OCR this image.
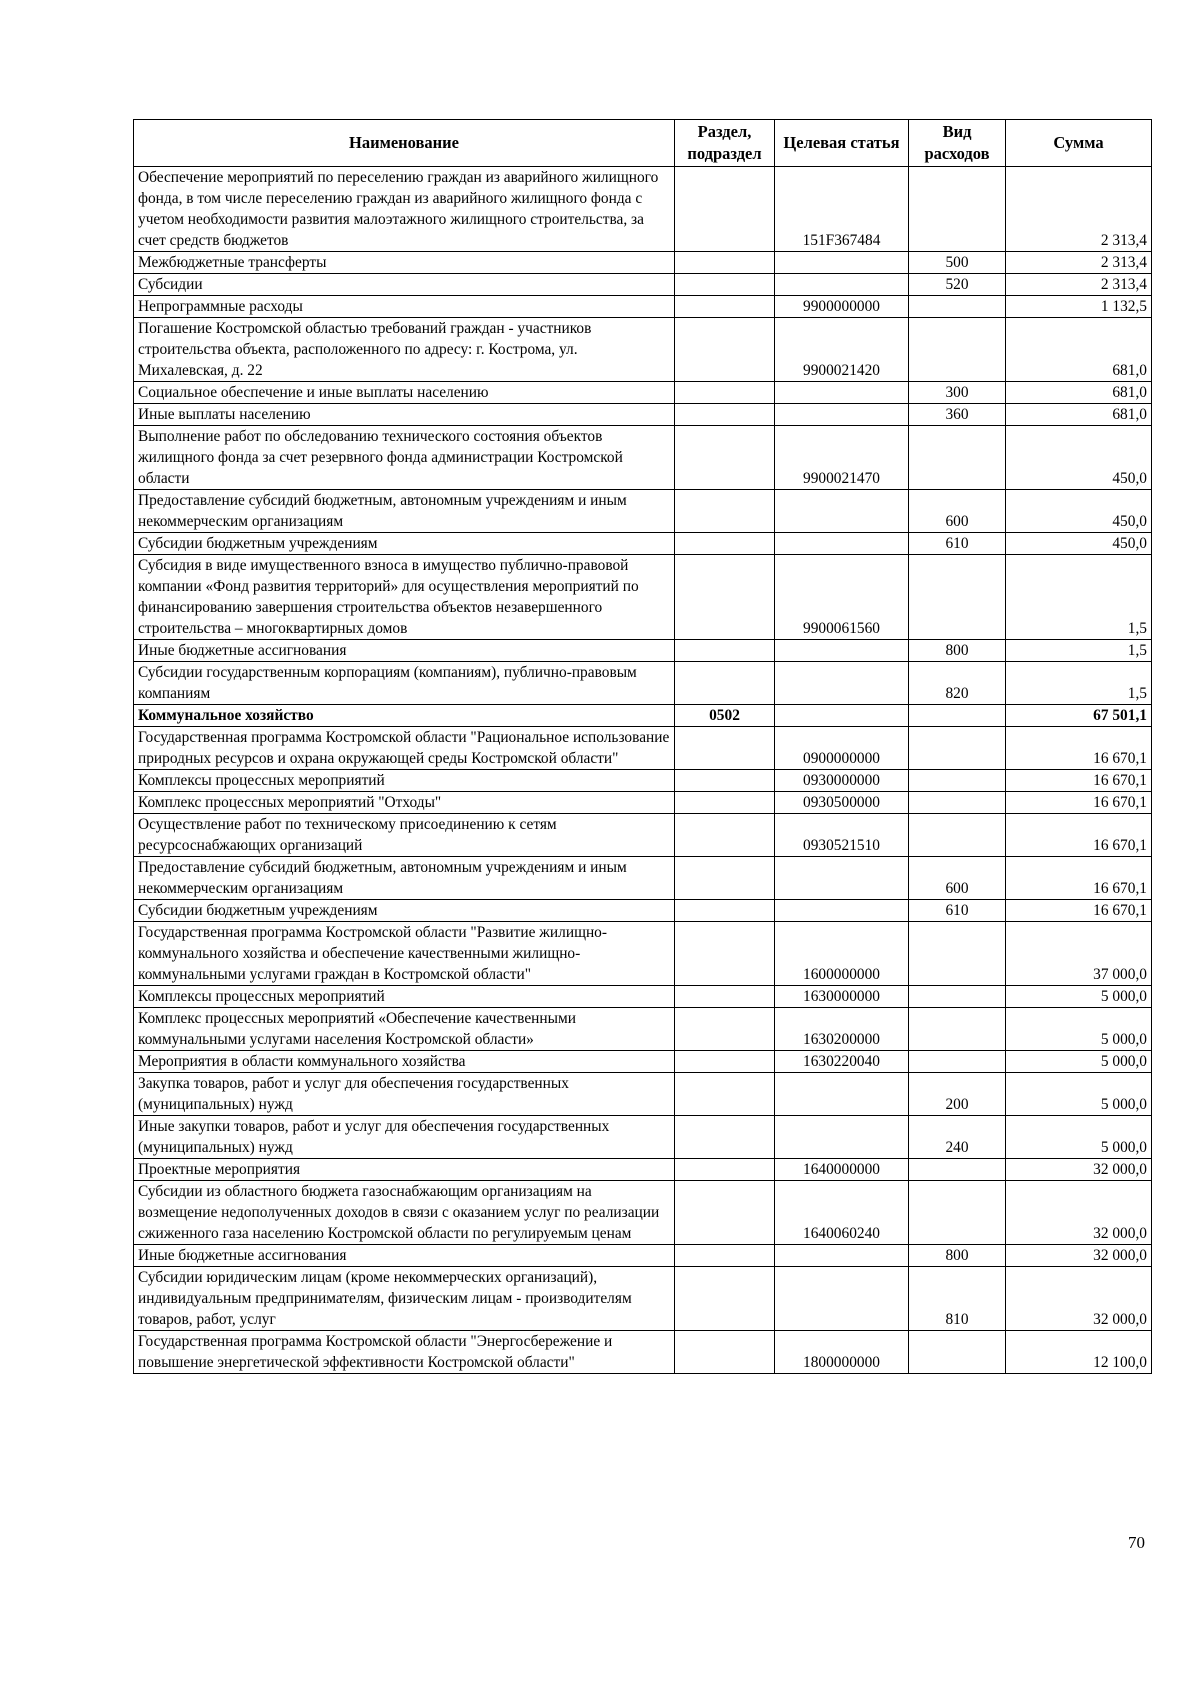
Наименование	Раздел, подраздел	Целевая статья	Вид расходов	Сумма
Обеспечение мероприятий по переселению граждан из аварийного жилищного фонда, в том числе переселению граждан из аварийного жилищного фонда с учетом необходимости развития малоэтажного жилищного строительства, за счет средств бюджетов		151F367484		2 313,4
Межбюджетные трансферты			500	2 313,4
Субсидии			520	2 313,4
Непрограммные расходы		9900000000		1 132,5
Погашение Костромской областью требований граждан - участников строительства объекта, расположенного по адресу: г. Кострома, ул. Михалевская, д. 22		9900021420		681,0
Социальное обеспечение и иные выплаты населению			300	681,0
Иные выплаты населению			360	681,0
Выполнение работ по обследованию технического состояния объектов жилищного фонда за счет резервного фонда администрации Костромской области		9900021470		450,0
Предоставление субсидий бюджетным, автономным учреждениям и иным некоммерческим организациям			600	450,0
Субсидии бюджетным учреждениям			610	450,0
Субсидия в виде имущественного взноса в имущество публично-правовой компании «Фонд развития территорий» для осуществления мероприятий по финансированию завершения строительства объектов незавершенного строительства – многоквартирных домов		9900061560		1,5
Иные бюджетные ассигнования			800	1,5
Субсидии государственным корпорациям (компаниям), публично-правовым компаниям			820	1,5
Коммунальное хозяйство	0502			67 501,1
Государственная программа Костромской области "Рациональное использование природных ресурсов и охрана окружающей среды Костромской области"		0900000000		16 670,1
Комплексы процессных мероприятий		0930000000		16 670,1
Комплекс процессных мероприятий "Отходы"		0930500000		16 670,1
Осуществление работ по техническому присоединению к сетям ресурсоснабжающих организаций		0930521510		16 670,1
Предоставление субсидий бюджетным, автономным учреждениям и иным некоммерческим организациям			600	16 670,1
Субсидии бюджетным учреждениям			610	16 670,1
Государственная программа Костромской области "Развитие жилищно-коммунального хозяйства и обеспечение качественными жилищно-коммунальными услугами граждан в Костромской области"		1600000000		37 000,0
Комплексы процессных мероприятий		1630000000		5 000,0
Комплекс процессных мероприятий «Обеспечение качественными коммунальными услугами населения Костромской области»		1630200000		5 000,0
Мероприятия в области коммунального хозяйства		1630220040		5 000,0
Закупка товаров, работ и услуг для обеспечения государственных (муниципальных) нужд			200	5 000,0
Иные закупки товаров, работ и услуг для обеспечения государственных (муниципальных) нужд			240	5 000,0
Проектные мероприятия		1640000000		32 000,0
Субсидии из областного бюджета газоснабжающим организациям на возмещение недополученных доходов в связи с оказанием услуг по реализации сжиженного газа населению Костромской области по регулируемым ценам		1640060240		32 000,0
Иные бюджетные ассигнования			800	32 000,0
Субсидии юридическим лицам (кроме некоммерческих организаций), индивидуальным предпринимателям, физическим лицам - производителям товаров, работ, услуг			810	32 000,0
Государственная программа Костромской области "Энергосбережение и повышение энергетической эффективности Костромской области"		1800000000		12 100,0
70
